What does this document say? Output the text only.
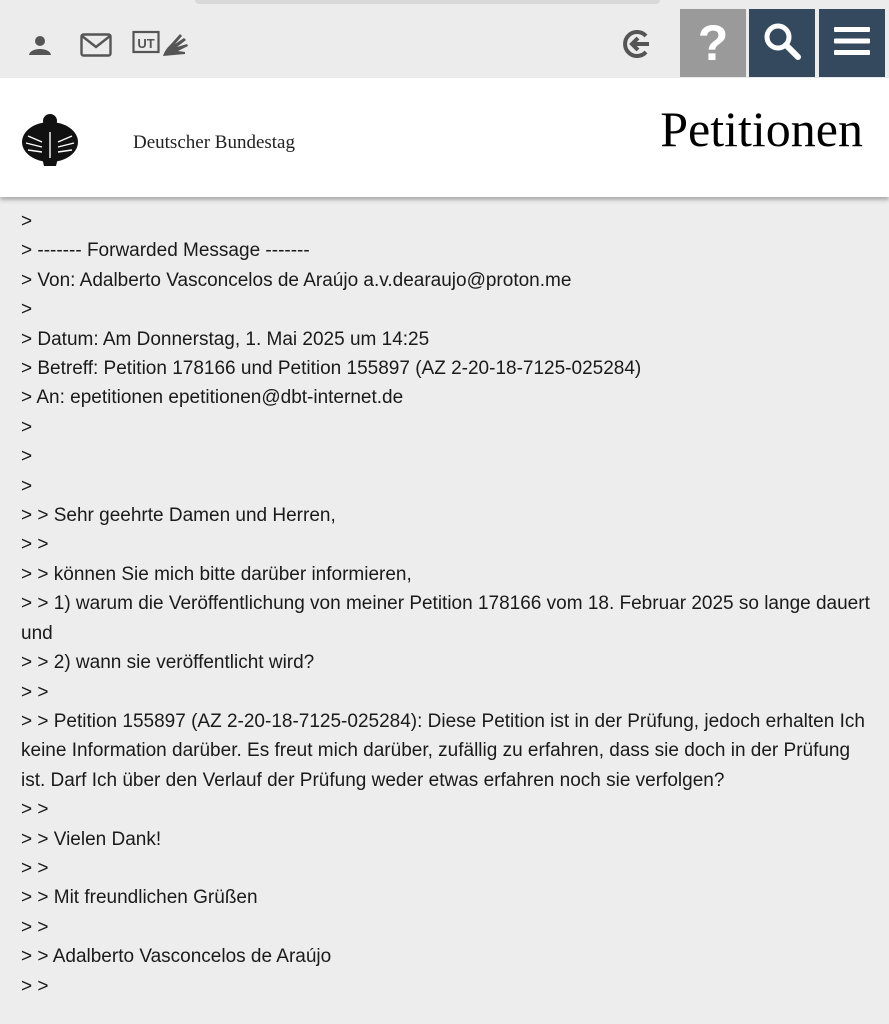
UT	?
Deutscher Bundestag	Petitionen

>

> ------- Forwarded Message -------

> Von: Adalberto Vasconcelos de Araújo a.v.dearaujo@proton.me

>

> Datum: Am Donnerstag, 1. Mai 2025 um 14:25

> Betreff: Petition 178166 und Petition 155897 (AZ 2-20-18-7125-025284)

> An: epetitionen epetitionen@dbt-internet.de

>

>

>

> > Sehr geehrte Damen und Herren,

> >

> > können Sie mich bitte darüber informieren,

> > 1) warum die Veröffentlichung von meiner Petition 178166 vom 18. Februar 2025 so lange dauert und

> > 2) wann sie veröffentlicht wird?

> >

> > Petition 155897 (AZ 2-20-18-7125-025284): Diese Petition ist in der Prüfung, jedoch erhalten Ich keine Information darüber. Es freut mich darüber, zufällig zu erfahren, dass sie doch in der Prüfung ist. Darf Ich über den Verlauf der Prüfung weder etwas erfahren noch sie verfolgen?

> >

> > Vielen Dank!

> >

> > Mit freundlichen Grüßen

> >

> > Adalberto Vasconcelos de Araújo

> >
